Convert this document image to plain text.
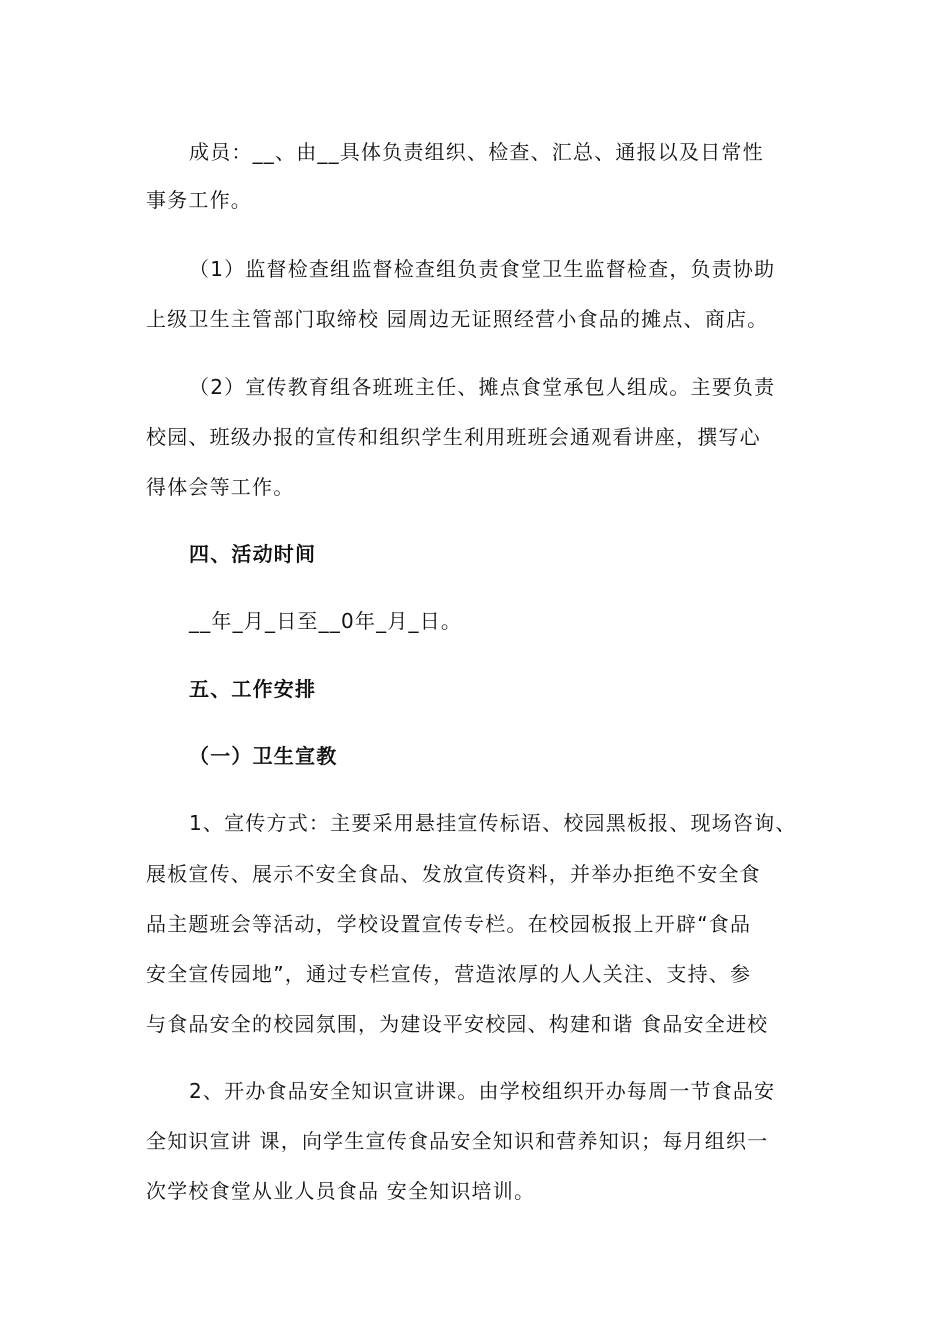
成员：__、由__具体负责组织、检查、汇总、通报以及日常性
事务工作。
（1）监督检查组监督检查组负责食堂卫生监督检查，负责协助
上级卫生主管部门取缔校 园周边无证照经营小食品的摊点、商店。
（2）宣传教育组各班班主任、摊点食堂承包人组成。主要负责
校园、班级办报的宣传和组织学生利用班班会通观看讲座，撰写心
得体会等工作。
四、活动时间
__年_月_日至__0年_月_日。
五、工作安排
（一）卫生宣教
1、宣传方式：主要采用悬挂宣传标语、校园黑板报、现场咨询、
展板宣传、展示不安全食品、发放宣传资料，并举办拒绝不安全食
品主题班会等活动，学校设置宣传专栏。在校园板报上开辟“食品
安全宣传园地”，通过专栏宣传，营造浓厚的人人关注、支持、参
与食品安全的校园氛围，为建设平安校园、构建和谐 食品安全进校
2、开办食品安全知识宣讲课。由学校组织开办每周一节食品安
全知识宣讲 课，向学生宣传食品安全知识和营养知识；每月组织一
次学校食堂从业人员食品 安全知识培训。
